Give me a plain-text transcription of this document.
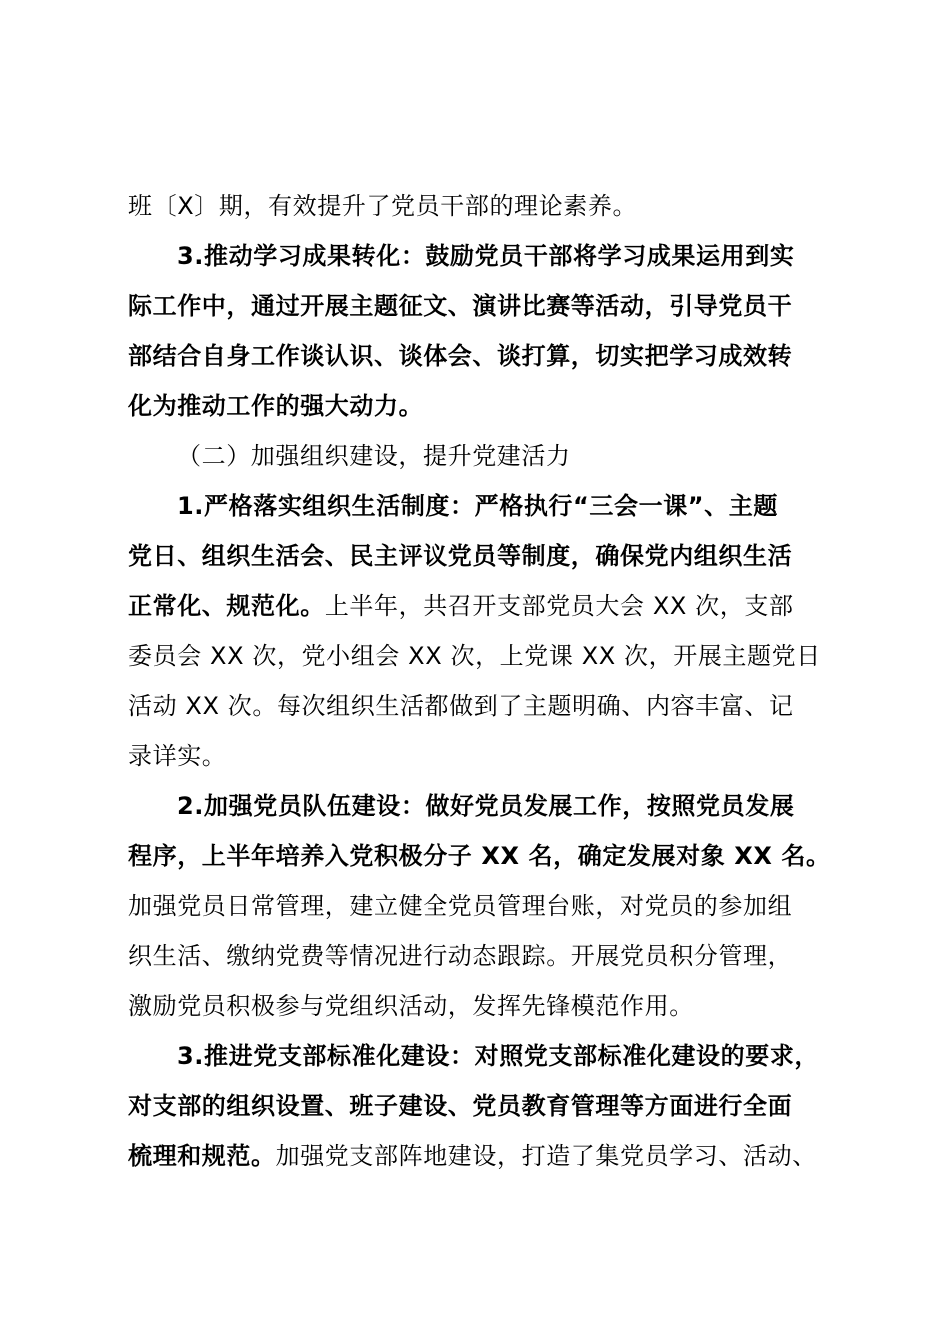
班〔X〕期，有效提升了党员干部的理论素养。
3.推动学习成果转化：鼓励党员干部将学习成果运用到实
际工作中，通过开展主题征文、演讲比赛等活动，引导党员干
部结合自身工作谈认识、谈体会、谈打算，切实把学习成效转
化为推动工作的强大动力。
（二）加强组织建设，提升党建活力
1.严格落实组织生活制度：严格执行“三会一课”、主题
党日、组织生活会、民主评议党员等制度，确保党内组织生活
正常化、规范化。上半年，共召开支部党员大会 XX 次，支部
委员会 XX 次，党小组会 XX 次，上党课 XX 次，开展主题党日
活动 XX 次。每次组织生活都做到了主题明确、内容丰富、记
录详实。
2.加强党员队伍建设：做好党员发展工作，按照党员发展
程序，上半年培养入党积极分子 XX 名，确定发展对象 XX 名。
加强党员日常管理，建立健全党员管理台账，对党员的参加组
织生活、缴纳党费等情况进行动态跟踪。开展党员积分管理，
激励党员积极参与党组织活动，发挥先锋模范作用。
3.推进党支部标准化建设：对照党支部标准化建设的要求，
对支部的组织设置、班子建设、党员教育管理等方面进行全面
梳理和规范。加强党支部阵地建设，打造了集党员学习、活动、
